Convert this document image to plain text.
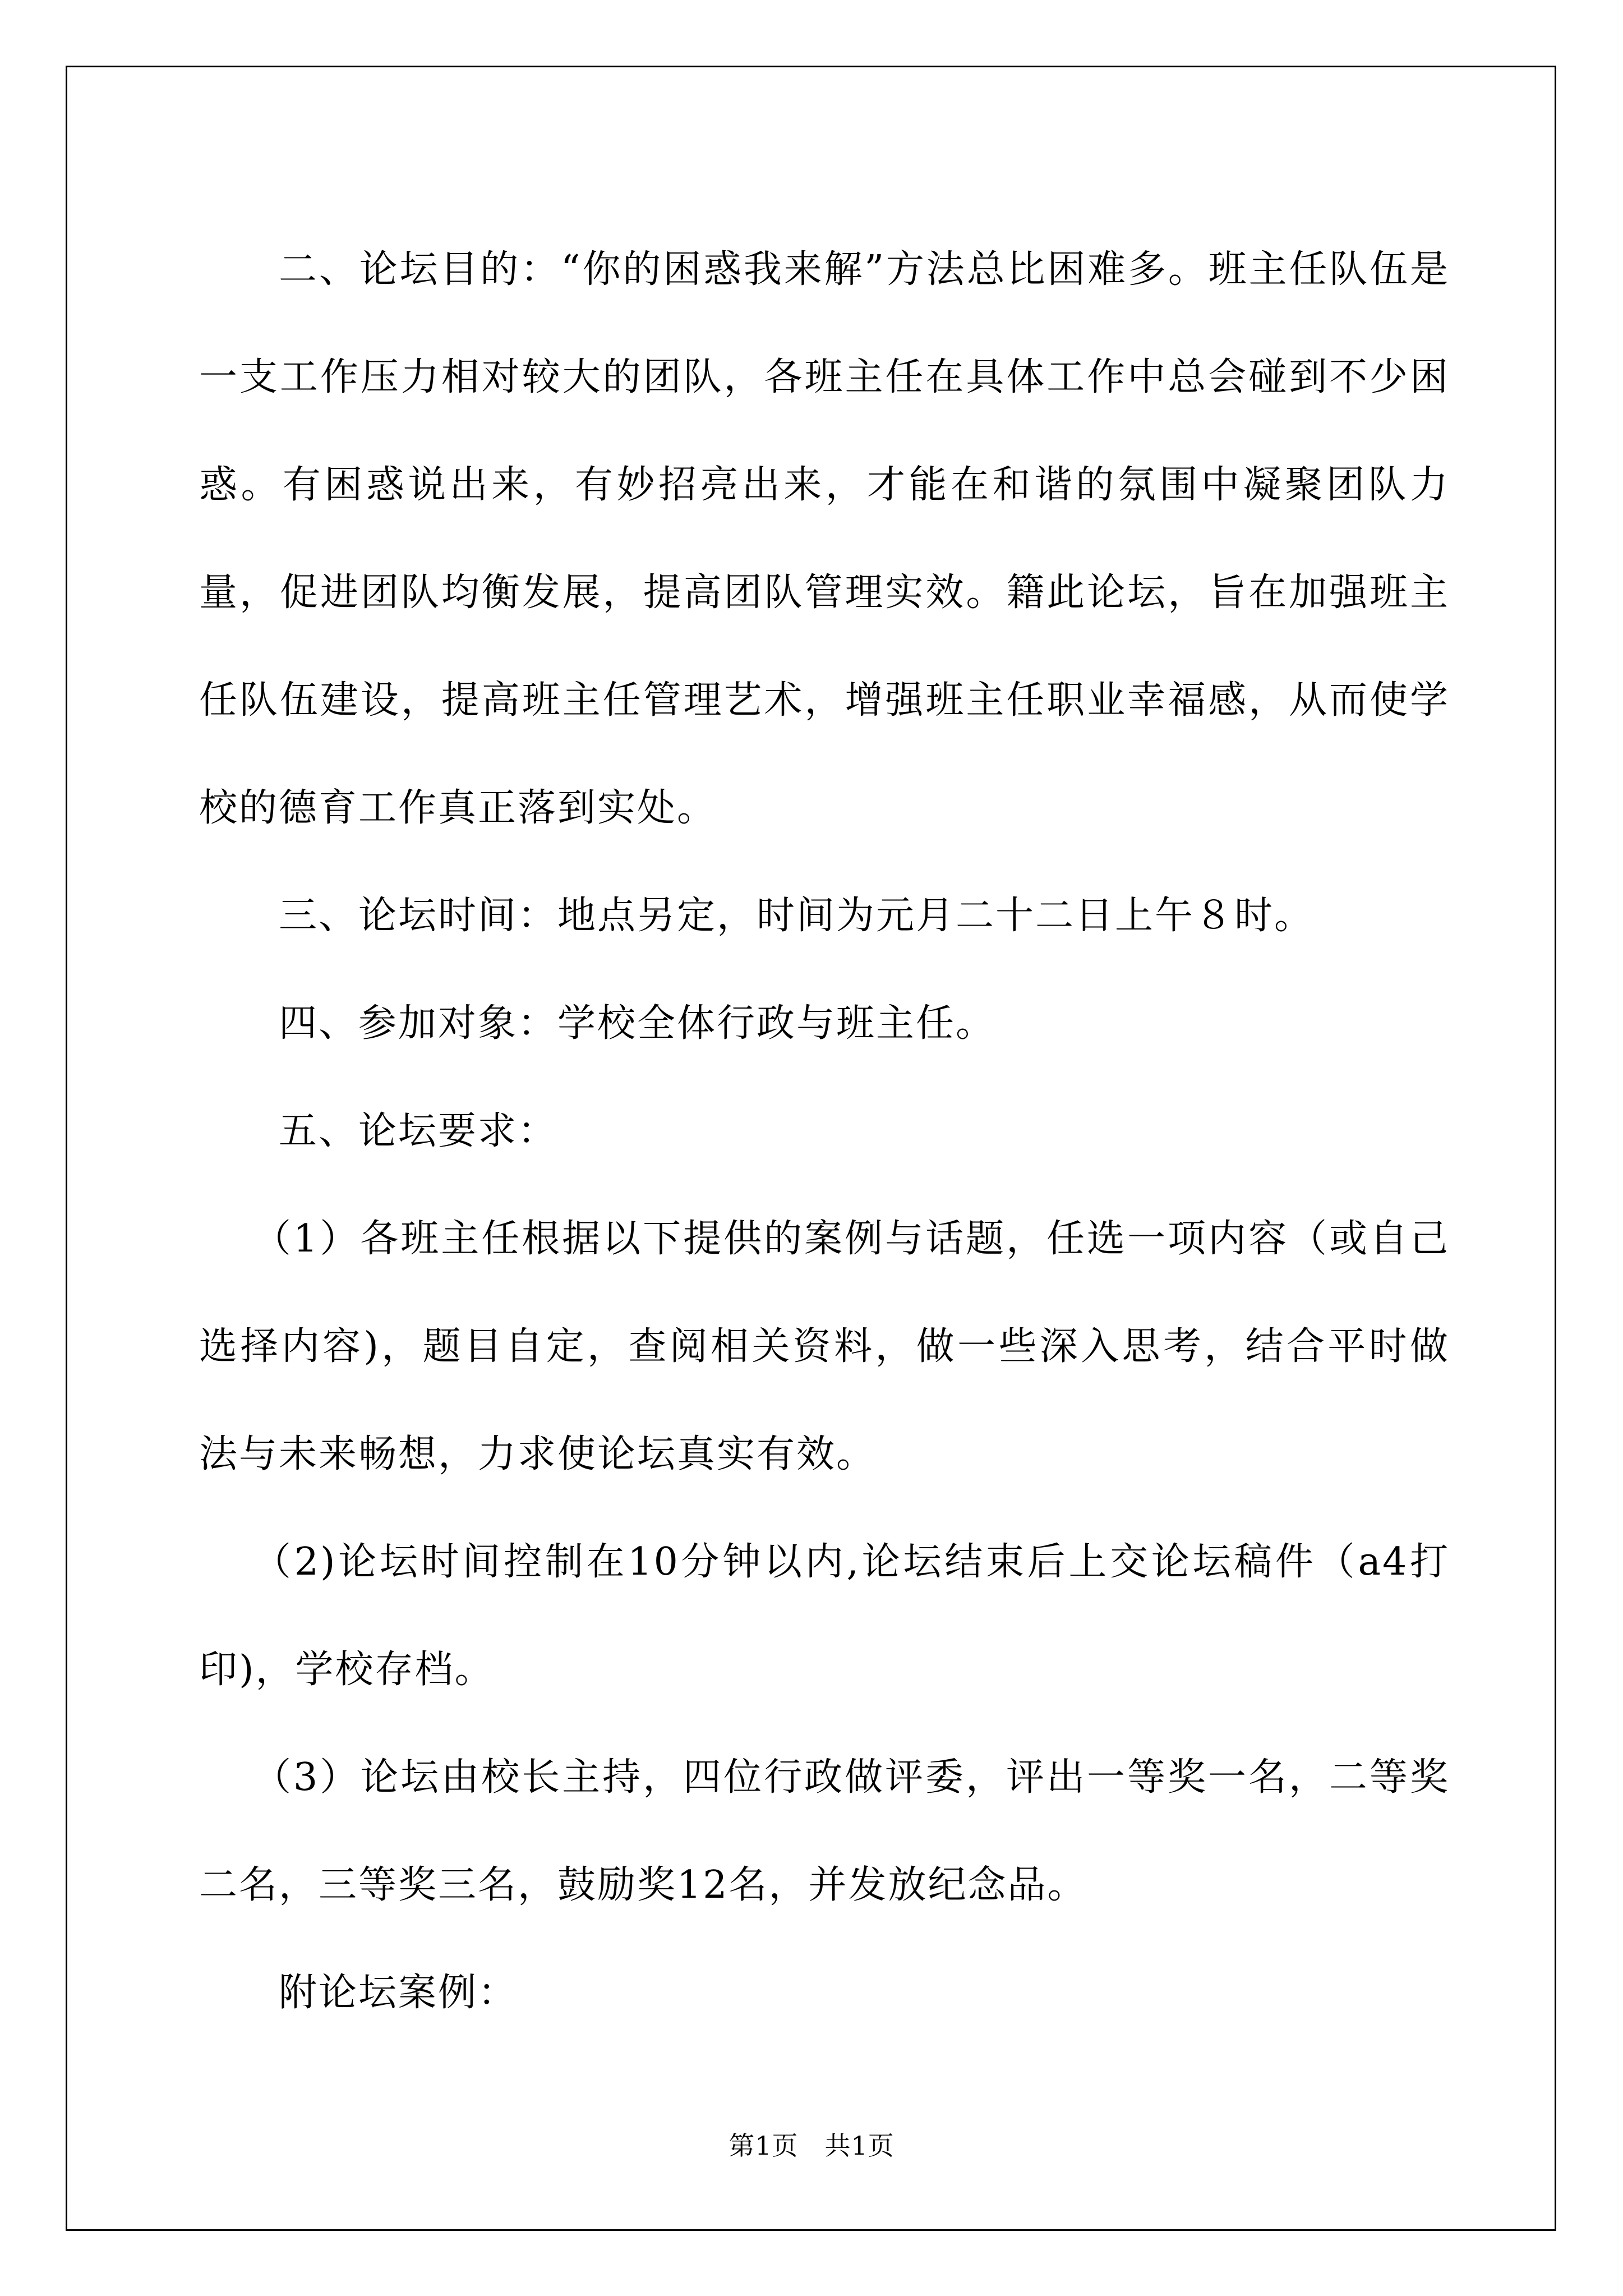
二、论坛目的：“你的困惑我来解”方法总比困难多。班主任队伍是一支工作压力相对较大的团队，各班主任在具体工作中总会碰到不少困惑。有困惑说出来，有妙招亮出来，才能在和谐的氛围中凝聚团队力量，促进团队均衡发展，提高团队管理实效。籍此论坛，旨在加强班主任队伍建设，提高班主任管理艺术，增强班主任职业幸福感，从而使学校的德育工作真正落到实处。

三、论坛时间：地点另定，时间为元月二十二日上午８时。

四、参加对象：学校全体行政与班主任。

五、论坛要求：

（1）各班主任根据以下提供的案例与话题，任选一项内容（或自己选择内容)，题目自定，查阅相关资料，做一些深入思考，结合平时做法与未来畅想，力求使论坛真实有效。

（2)论坛时间控制在10分钟以内,论坛结束后上交论坛稿件（a4打印)，学校存档。

（3）论坛由校长主持，四位行政做评委，评出一等奖一名，二等奖二名，三等奖三名，鼓励奖12名，并发放纪念品。

附论坛案例：

第1页　共1页
